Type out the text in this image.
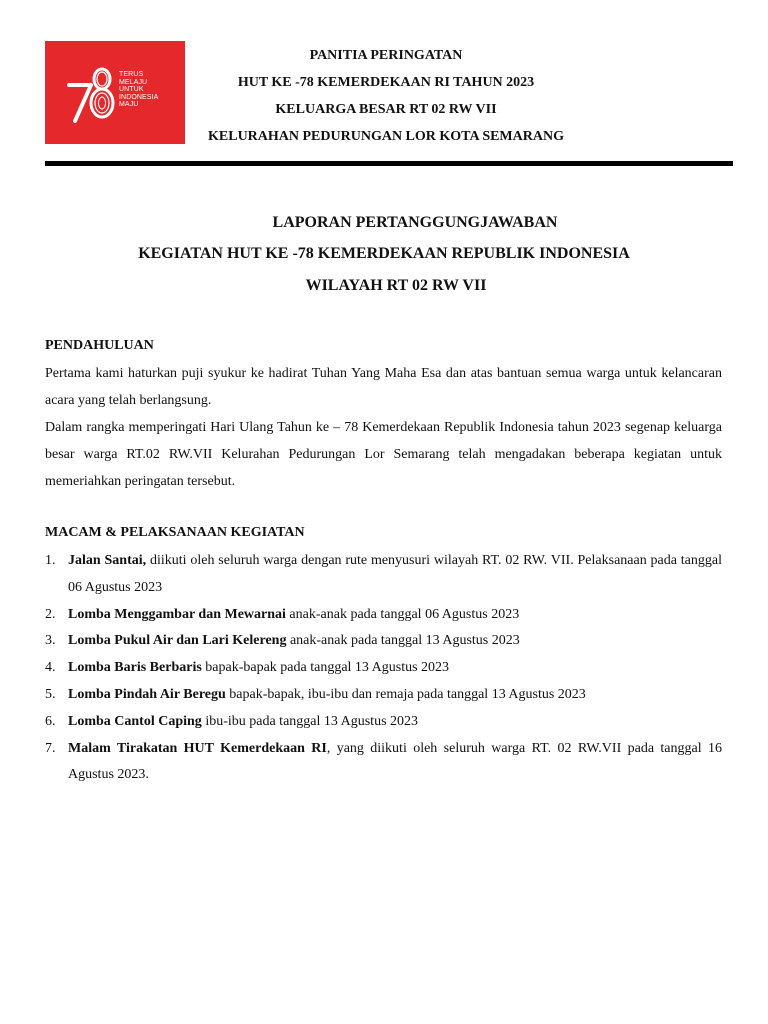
TERUS
MELAJU
UNTUK
INDONESIA
MAJU
PANITIA PERINGATAN
HUT KE -78 KEMERDEKAAN RI TAHUN 2023
KELUARGA BESAR RT 02 RW VII
KELURAHAN PEDURUNGAN LOR KOTA SEMARANG
LAPORAN PERTANGGUNGJAWABAN
KEGIATAN HUT KE -78 KEMERDEKAAN REPUBLIK INDONESIA
WILAYAH RT 02 RW VII
PENDAHULUAN
Pertama kami haturkan puji syukur ke hadirat Tuhan Yang Maha Esa dan atas bantuan semua warga untuk kelancaran acara yang telah berlangsung.
Dalam rangka memperingati Hari Ulang Tahun ke – 78 Kemerdekaan Republik Indonesia tahun 2023 segenap keluarga besar warga RT.02 RW.VII Kelurahan Pedurungan Lor Semarang telah mengadakan beberapa kegiatan untuk memeriahkan peringatan tersebut.
MACAM & PELAKSANAAN KEGIATAN
1. Jalan Santai, diikuti oleh seluruh warga dengan rute menyusuri wilayah RT. 02 RW. VII. Pelaksanaan pada tanggal 06 Agustus 2023
2. Lomba Menggambar dan Mewarnai anak-anak pada tanggal 06 Agustus 2023
3. Lomba Pukul Air dan Lari Kelereng anak-anak pada tanggal 13 Agustus 2023
4. Lomba Baris Berbaris bapak-bapak pada tanggal 13 Agustus 2023
5. Lomba Pindah Air Beregu bapak-bapak, ibu-ibu dan remaja pada tanggal 13 Agustus 2023
6. Lomba Cantol Caping ibu-ibu pada tanggal 13 Agustus 2023
7. Malam Tirakatan HUT Kemerdekaan RI, yang diikuti oleh seluruh warga RT. 02 RW.VII pada tanggal 16 Agustus 2023.
